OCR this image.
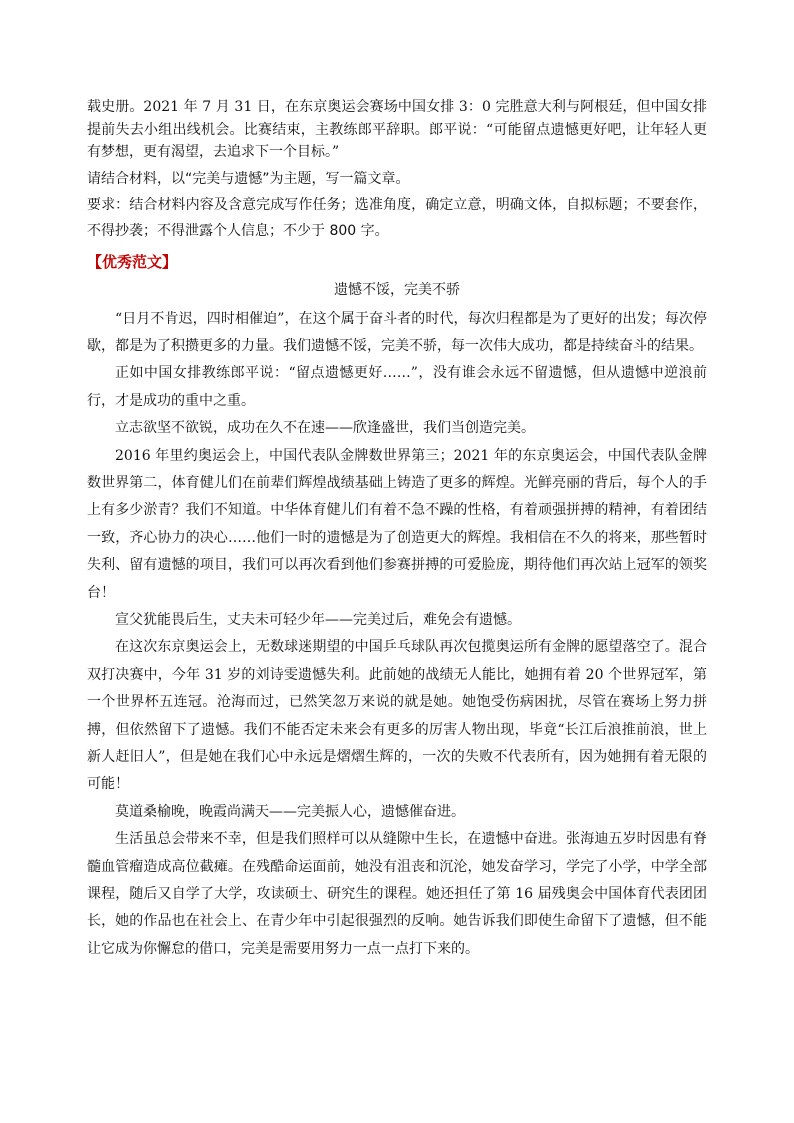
载史册。2021 年 7 月 31 日，在东京奥运会赛场中国女排 3：0 完胜意大利与阿根廷，但中国女排提前失去小组出线机会。比赛结束，主教练郎平辞职。郎平说：“可能留点遗憾更好吧，让年轻人更有梦想，更有渴望，去追求下一个目标。”

请结合材料，以“完美与遗憾”为主题，写一篇文章。

要求：结合材料内容及含意完成写作任务；选准角度，确定立意，明确文体，自拟标题；不要套作，不得抄袭；不得泄露个人信息；不少于 800 字。

【优秀范文】
遗憾不馁，完美不骄

“日月不肯迟，四时相催迫”，在这个属于奋斗者的时代，每次归程都是为了更好的出发；每次停歇，都是为了积攒更多的力量。我们遗憾不馁，完美不骄，每一次伟大成功，都是持续奋斗的结果。

正如中国女排教练郎平说：“留点遗憾更好……”，没有谁会永远不留遗憾，但从遗憾中逆浪前行，才是成功的重中之重。

立志欲坚不欲锐，成功在久不在速——欣逢盛世，我们当创造完美。

2016 年里约奥运会上，中国代表队金牌数世界第三；2021 年的东京奥运会，中国代表队金牌数世界第二，体育健儿们在前辈们辉煌战绩基础上铸造了更多的辉煌。光鲜亮丽的背后，每个人的手上有多少淤青？我们不知道。中华体育健儿们有着不急不躁的性格，有着顽强拼搏的精神，有着团结一致，齐心协力的决心……他们一时的遗憾是为了创造更大的辉煌。我相信在不久的将来，那些暂时失利、留有遗憾的项目，我们可以再次看到他们参赛拼搏的可爱脸庞，期待他们再次站上冠军的领奖台！

宣父犹能畏后生，丈夫未可轻少年——完美过后，难免会有遗憾。

在这次东京奥运会上，无数球迷期望的中国乒乓球队再次包揽奥运所有金牌的愿望落空了。混合双打决赛中，今年 31 岁的刘诗雯遗憾失利。此前她的战绩无人能比，她拥有着 20 个世界冠军，第一个世界杯五连冠。沧海而过，已然笑忽万来说的就是她。她饱受伤病困扰，尽管在赛场上努力拼搏，但依然留下了遗憾。我们不能否定未来会有更多的厉害人物出现，毕竟“长江后浪推前浪，世上新人赶旧人”，但是她在我们心中永远是熠熠生辉的，一次的失败不代表所有，因为她拥有着无限的可能！

莫道桑榆晚，晚霞尚满天——完美振人心，遗憾催奋进。

生活虽总会带来不幸，但是我们照样可以从缝隙中生长，在遗憾中奋进。张海迪五岁时因患有脊髓血管瘤造成高位截瘫。在残酷命运面前，她没有沮丧和沉沦，她发奋学习，学完了小学，中学全部课程，随后又自学了大学，攻读硕士、研究生的课程。她还担任了第 16 届残奥会中国体育代表团团长，她的作品也在社会上、在青少年中引起很强烈的反响。她告诉我们即使生命留下了遗憾，但不能让它成为你懈怠的借口，完美是需要用努力一点一点打下来的。
